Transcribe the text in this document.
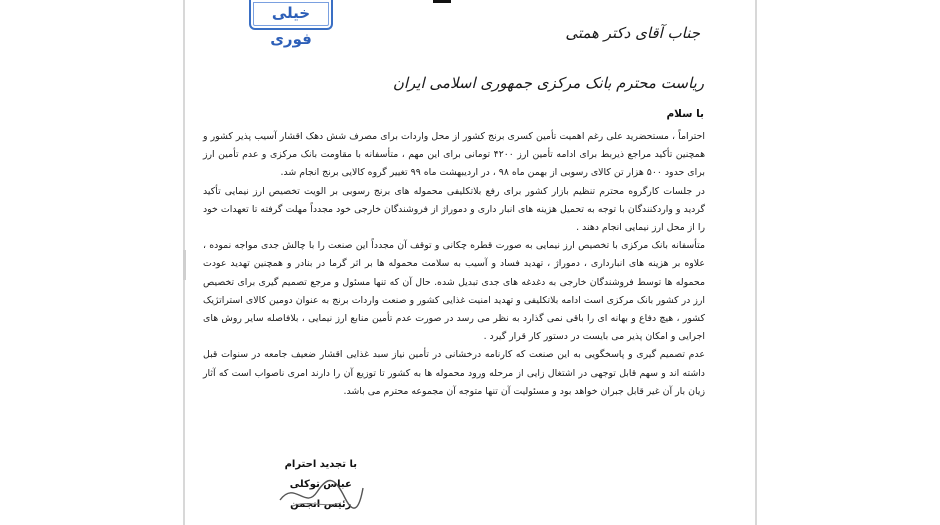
خیلی فوری	جناب آقای دکتر همتی
ریاست محترم بانک مرکزی جمهوری اسلامی ایران
با سلام

احتراماً ، مستحضرید علی رغم اهمیت تأمین کسری برنج کشور از محل واردات برای مصرف شش دهک اقشار آسیب پذیر کشور و همچنین تأکید مراجع ذیربط برای ادامه تأمین ارز ۴۲۰۰ تومانی برای این مهم ، متأسفانه با مقاومت بانک مرکزی و عدم تأمین ارز برای حدود ۵۰۰ هزار تن کالای رسوبی از بهمن ماه ۹۸ ، در اردیبهشت ماه ۹۹ تغییر گروه کالایی برنج انجام شد.

در جلسات کارگروه محترم تنظیم بازار کشور برای رفع بلاتکلیفی محموله های برنج رسوبی بر الویت تخصیص ارز نیمایی تأکید گردید و واردکنندگان با توجه به تحمیل هزینه های انبار داری و دموراژ از فروشندگان خارجی خود مجدداً مهلت گرفته تا تعهدات خود را از محل ارز نیمایی انجام دهند .

متأسفانه بانک مرکزی با تخصیص ارز نیمایی به صورت قطره چکانی و توقف آن مجدداً این صنعت را با چالش جدی مواجه نموده ، علاوه بر هزینه های انبارداری ، دموراژ ، تهدید فساد و آسیب به سلامت محموله ها بر اثر گرما در بنادر و همچنین تهدید عودت محموله ها توسط فروشندگان خارجی به دغدغه های جدی تبدیل شده. حال آن که تنها مسئول و مرجع تصمیم گیری برای تخصیص ارز در کشور بانک مرکزی است ادامه بلاتکلیفی و تهدید امنیت غذایی کشور و صنعت واردات برنج به عنوان دومین کالای استراتژیک کشور ، هیچ دفاع و بهانه ای را باقی نمی گذارد به نظر می رسد در صورت عدم تأمین منابع ارز نیمایی ، بلافاصله سایر روش های اجرایی و امکان پذیر می بایست در دستور کار قرار گیرد .

عدم تصمیم گیری و پاسخگویی به این صنعت که کارنامه درخشانی در تأمین نیاز سبد غذایی اقشار ضعیف جامعه در سنوات قبل داشته اند و سهم قابل توجهی در اشتغال زایی از مرحله ورود محموله ها به کشور تا توزیع آن را دارند امری ناصواب است که آثار زیان بار آن غیر قابل جبران خواهد بود و مسئولیت آن تنها متوجه آن مجموعه محترم می باشد.

با تجدید احترام
عباس توکلی
رئیس انجمن
